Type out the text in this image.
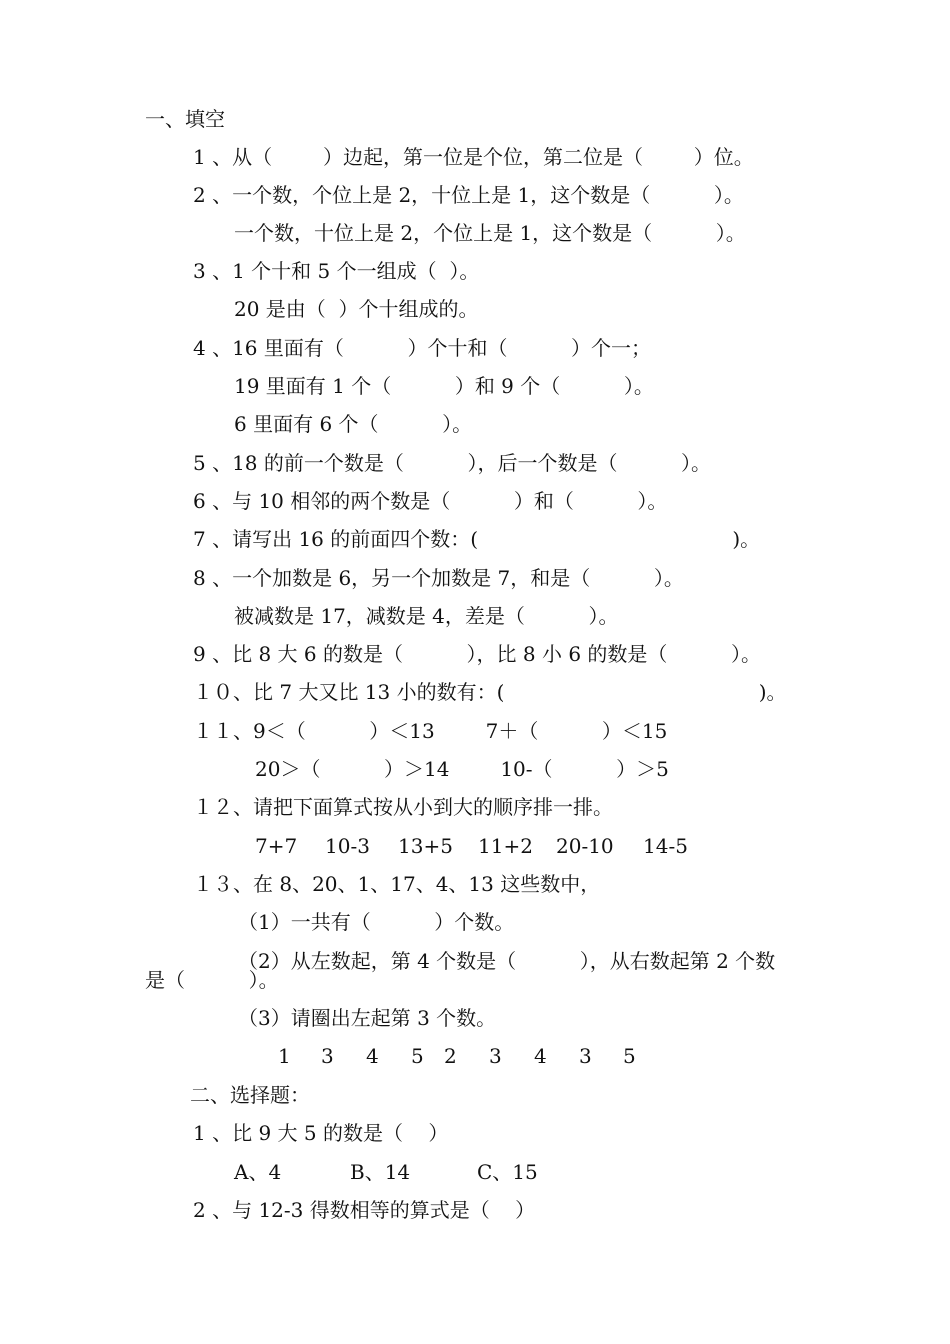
一、填空
1 、从（        ）边起，第一位是个位，第二位是（        ）位。
2 、一个数，个位上是 2，十位上是 1，这个数是（          ）。
一个数，十位上是 2，个位上是 1，这个数是（          ）。
3 、1 个十和 5 个一组成（  ）。
20 是由（  ）个十组成的。
4 、16 里面有（          ）个十和（          ）个一；
19 里面有 1 个（          ）和 9 个（          ）。
6 里面有 6 个（          ）。
5 、18 的前一个数是（          ），后一个数是（          ）。
6 、与 10 相邻的两个数是（          ）和（          ）。
7 、请写出 16 的前面四个数：(                                        )。
8 、一个加数是 6，另一个加数是 7，和是（          ）。
被减数是 17，减数是 4，差是（          ）。
9 、比 8 大 6 的数是（          ），比 8 小 6 的数是（          ）。
１０、比 7 大又比 13 小的数有：(                                        )。
１１、9＜（          ）＜13        7＋（          ）＜15
20＞（          ）＞14        10-（          ）＞5
１２、请把下面算式按从小到大的顺序排一排。
7+7 10-3 13+5 11+2 20-10 14-5
１３、在 8、20、1、17、4、13 这些数中，
（1）一共有（          ）个数。
（2）从左数起，第 4 个数是（          ），从右数起第 2 个数
是（          ）。
（3）请圈出左起第 3 个数。
1 3 4 5 2 3 4 3 5
二、选择题：
1 、比 9 大 5 的数是（    ）
A、4	B、14	C、15
2 、与 12-3 得数相等的算式是（    ）
